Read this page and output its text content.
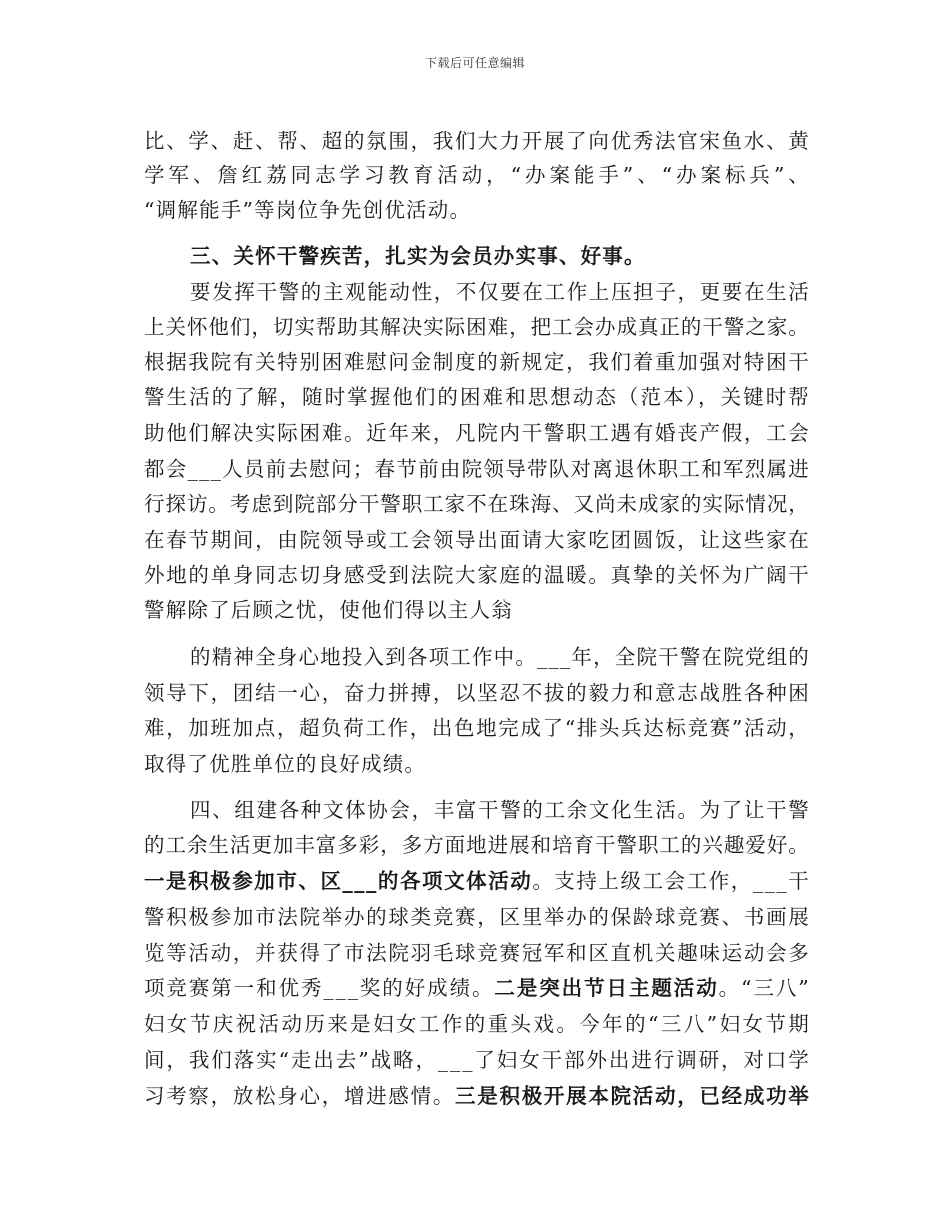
下载后可任意编辑
比、学、赶、帮、超的氛围，我们大力开展了向优秀法官宋鱼水、黄
学军、詹红荔同志学习教育活动，“办案能手”、“办案标兵”、
“调解能手”等岗位争先创优活动。
三、关怀干警疾苦，扎实为会员办实事、好事。
要发挥干警的主观能动性，不仅要在工作上压担子，更要在生活
上关怀他们，切实帮助其解决实际困难，把工会办成真正的干警之家。
根据我院有关特别困难慰问金制度的新规定，我们着重加强对特困干
警生活的了解，随时掌握他们的困难和思想动态（范本），关键时帮
助他们解决实际困难。近年来，凡院内干警职工遇有婚丧产假，工会
都会___人员前去慰问；春节前由院领导带队对离退休职工和军烈属进
行探访。考虑到院部分干警职工家不在珠海、又尚未成家的实际情况，
在春节期间，由院领导或工会领导出面请大家吃团圆饭，让这些家在
外地的单身同志切身感受到法院大家庭的温暖。真挚的关怀为广阔干
警解除了后顾之忧，使他们得以主人翁
的精神全身心地投入到各项工作中。___年，全院干警在院党组的
领导下，团结一心，奋力拼搏，以坚忍不拔的毅力和意志战胜各种困
难，加班加点，超负荷工作，出色地完成了“排头兵达标竞赛”活动，
取得了优胜单位的良好成绩。
四、组建各种文体协会，丰富干警的工余文化生活。为了让干警
的工余生活更加丰富多彩，多方面地进展和培育干警职工的兴趣爱好。
一是积极参加市、区___的各项文体活动。支持上级工会工作，___干
警积极参加市法院举办的球类竞赛，区里举办的保龄球竞赛、书画展
览等活动，并获得了市法院羽毛球竞赛冠军和区直机关趣味运动会多
项竞赛第一和优秀___奖的好成绩。二是突出节日主题活动。“三八”
妇女节庆祝活动历来是妇女工作的重头戏。今年的“三八”妇女节期
间，我们落实“走出去”战略，___了妇女干部外出进行调研，对口学
习考察，放松身心，增进感情。三是积极开展本院活动，已经成功举
